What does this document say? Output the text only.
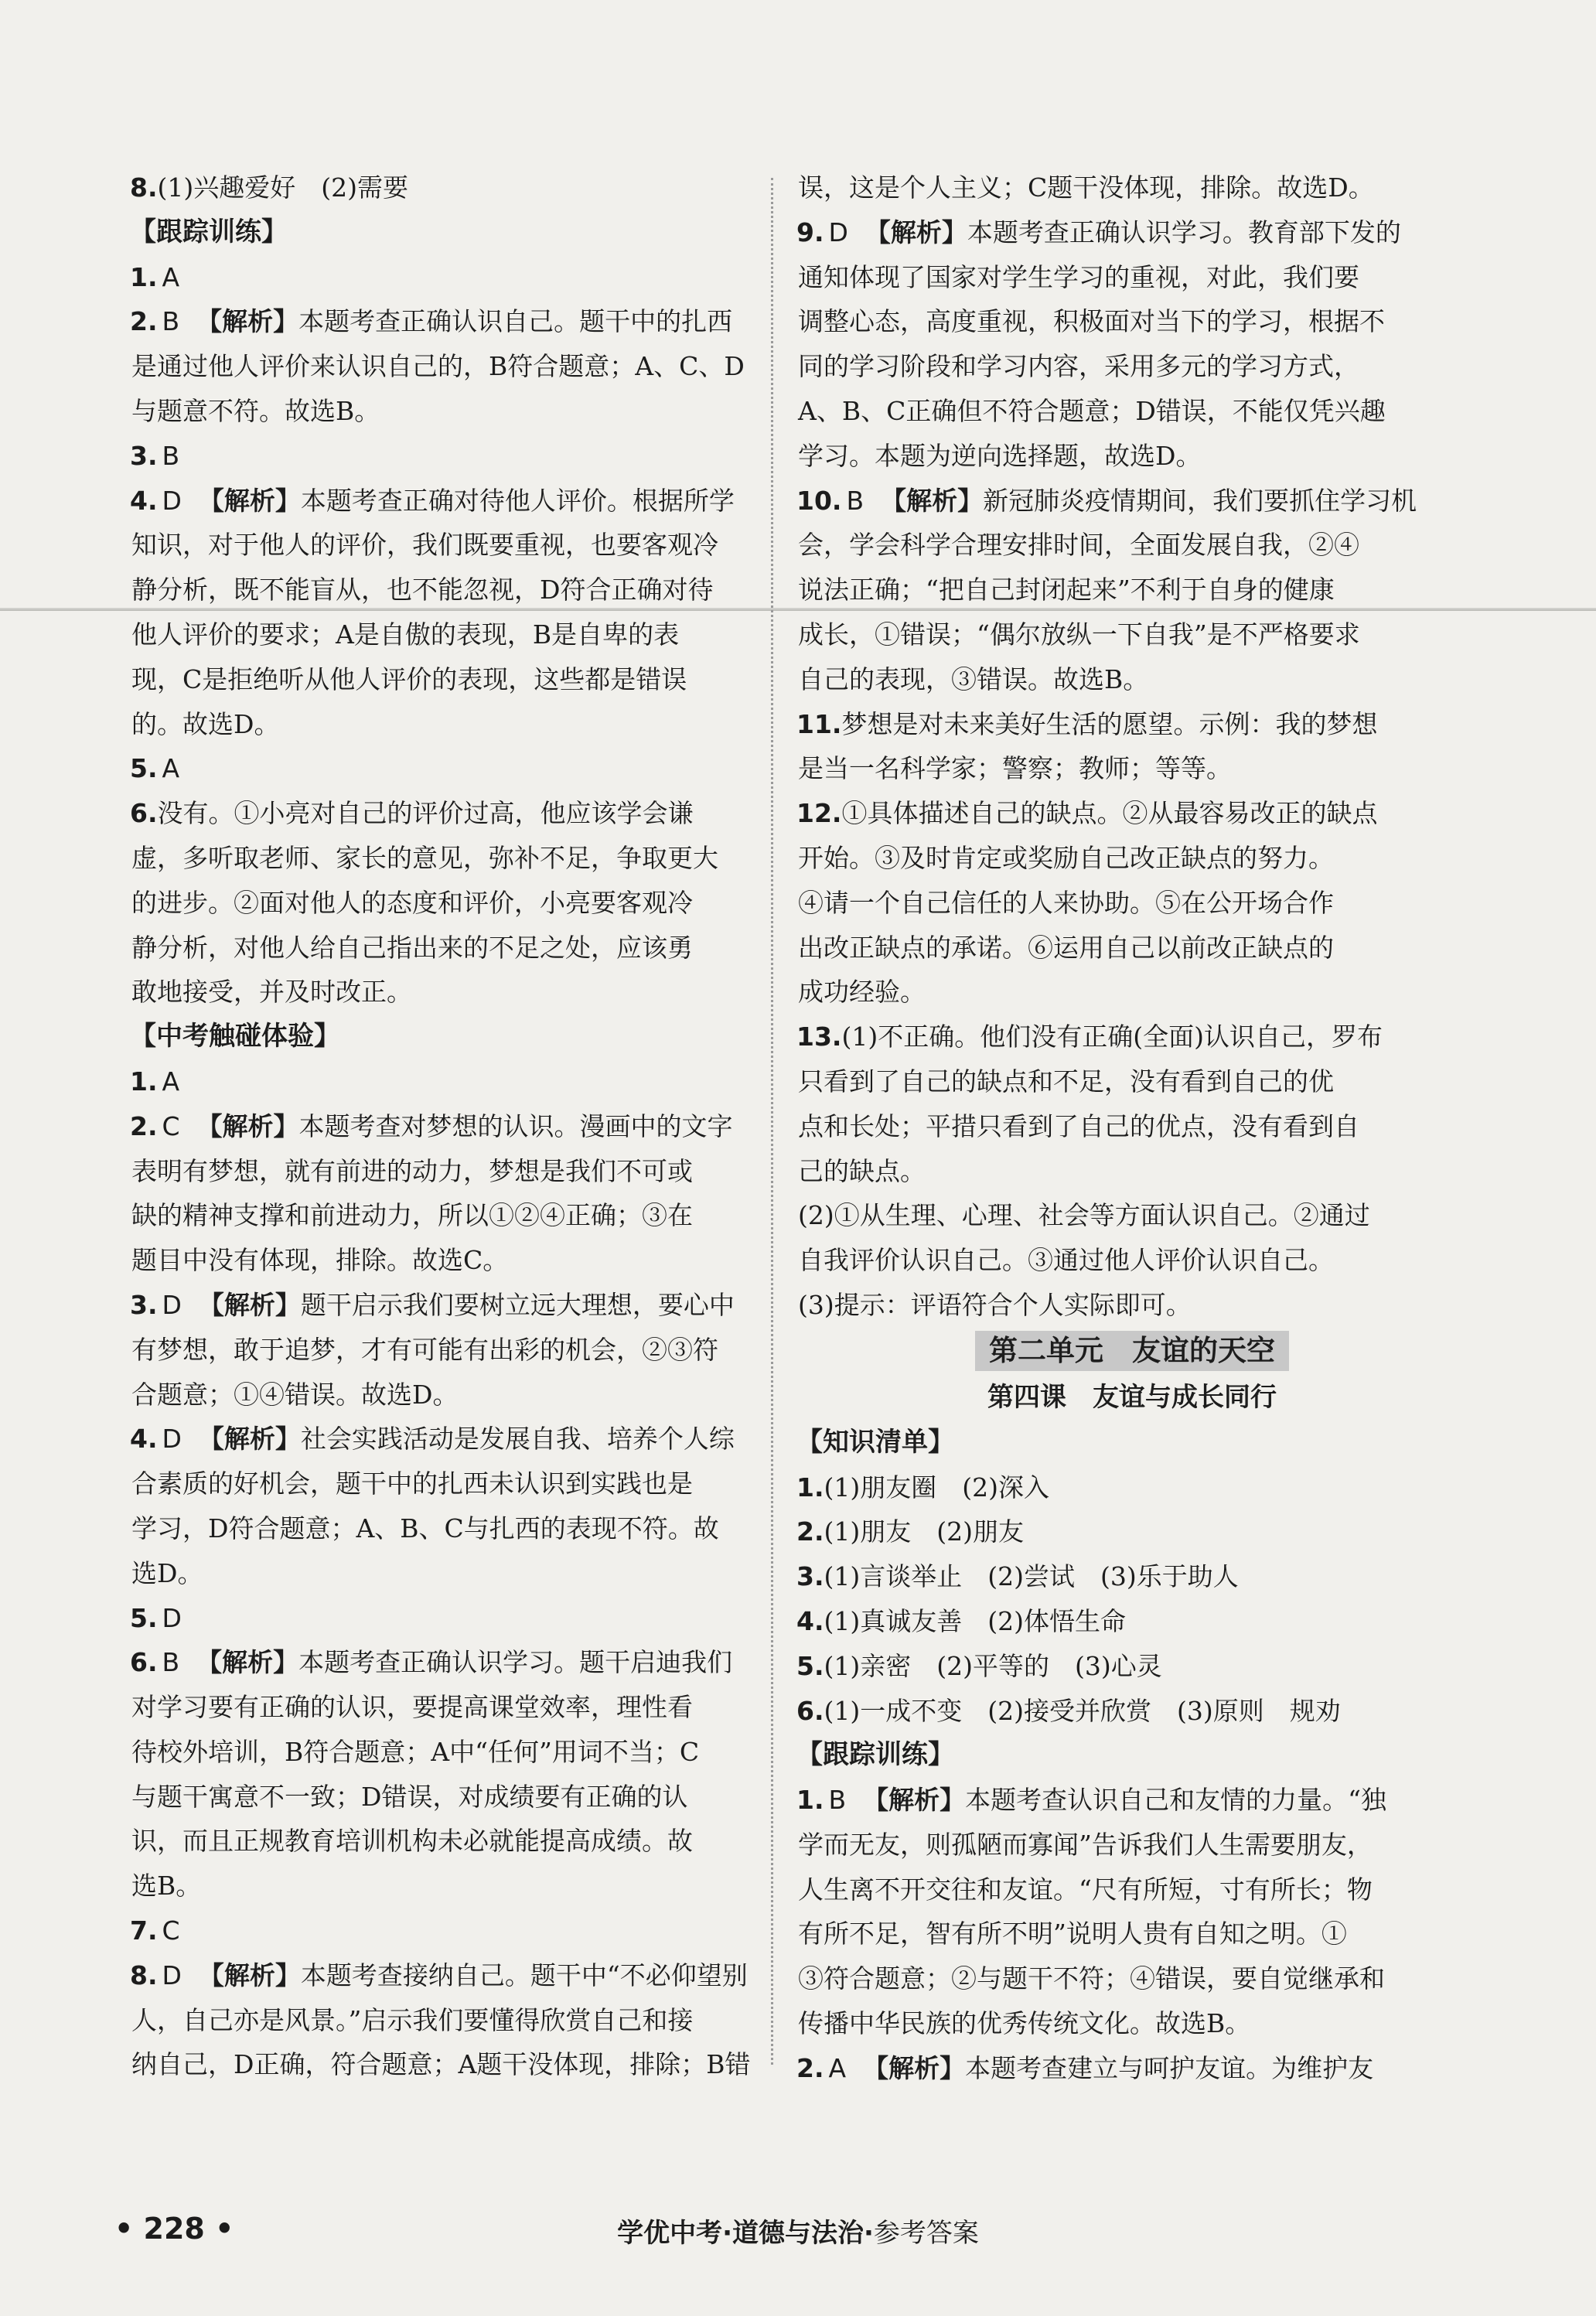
8.(1)兴趣爱好　(2)需要
【跟踪训练】
1. A
2. B 【解析】本题考查正确认识自己。题干中的扎西
是通过他人评价来认识自己的，B符合题意；A、C、D
与题意不符。故选B。
3. B
4. D 【解析】本题考查正确对待他人评价。根据所学
知识，对于他人的评价，我们既要重视，也要客观冷
静分析，既不能盲从，也不能忽视，D符合正确对待
他人评价的要求；A是自傲的表现，B是自卑的表
现，C是拒绝听从他人评价的表现，这些都是错误
的。故选D。
5. A
6.没有。①小亮对自己的评价过高，他应该学会谦
虚，多听取老师、家长的意见，弥补不足，争取更大
的进步。②面对他人的态度和评价，小亮要客观冷
静分析，对他人给自己指出来的不足之处，应该勇
敢地接受，并及时改正。
【中考触碰体验】
1. A
2. C 【解析】本题考查对梦想的认识。漫画中的文字
表明有梦想，就有前进的动力，梦想是我们不可或
缺的精神支撑和前进动力，所以①②④正确；③在
题目中没有体现，排除。故选C。
3. D 【解析】题干启示我们要树立远大理想，要心中
有梦想，敢于追梦，才有可能有出彩的机会，②③符
合题意；①④错误。故选D。
4. D 【解析】社会实践活动是发展自我、培养个人综
合素质的好机会，题干中的扎西未认识到实践也是
学习，D符合题意；A、B、C与扎西的表现不符。故
选D。
5. D
6. B 【解析】本题考查正确认识学习。题干启迪我们
对学习要有正确的认识，要提高课堂效率，理性看
待校外培训，B符合题意；A中“任何”用词不当；C
与题干寓意不一致；D错误，对成绩要有正确的认
识，而且正规教育培训机构未必就能提高成绩。故
选B。
7. C
8. D 【解析】本题考查接纳自己。题干中“不必仰望别
人，自己亦是风景。”启示我们要懂得欣赏自己和接
纳自己，D正确，符合题意；A题干没体现，排除；B错
误，这是个人主义；C题干没体现，排除。故选D。
9. D 【解析】本题考查正确认识学习。教育部下发的
通知体现了国家对学生学习的重视，对此，我们要
调整心态，高度重视，积极面对当下的学习，根据不
同的学习阶段和学习内容，采用多元的学习方式，
A、B、C正确但不符合题意；D错误，不能仅凭兴趣
学习。本题为逆向选择题，故选D。
10. B 【解析】新冠肺炎疫情期间，我们要抓住学习机
会，学会科学合理安排时间，全面发展自我，②④
说法正确；“把自己封闭起来”不利于自身的健康
成长，①错误；“偶尔放纵一下自我”是不严格要求
自己的表现，③错误。故选B。
11.梦想是对未来美好生活的愿望。示例：我的梦想
是当一名科学家；警察；教师；等等。
12.①具体描述自己的缺点。②从最容易改正的缺点
开始。③及时肯定或奖励自己改正缺点的努力。
④请一个自己信任的人来协助。⑤在公开场合作
出改正缺点的承诺。⑥运用自己以前改正缺点的
成功经验。
13.(1)不正确。他们没有正确(全面)认识自己，罗布
只看到了自己的缺点和不足，没有看到自己的优
点和长处；平措只看到了自己的优点，没有看到自
己的缺点。
(2)①从生理、心理、社会等方面认识自己。②通过
自我评价认识自己。③通过他人评价认识自己。
(3)提示：评语符合个人实际即可。
第二单元　友谊的天空
第四课　友谊与成长同行
【知识清单】
1.(1)朋友圈　(2)深入
2.(1)朋友　(2)朋友
3.(1)言谈举止　(2)尝试　(3)乐于助人
4.(1)真诚友善　(2)体悟生命
5.(1)亲密　(2)平等的　(3)心灵
6.(1)一成不变　(2)接受并欣赏　(3)原则　规劝
【跟踪训练】
1. B 【解析】本题考查认识自己和友情的力量。“独
学而无友，则孤陋而寡闻”告诉我们人生需要朋友，
人生离不开交往和友谊。“尺有所短，寸有所长；物
有所不足，智有所不明”说明人贵有自知之明。①
③符合题意；②与题干不符；④错误，要自觉继承和
传播中华民族的优秀传统文化。故选B。
2. A 【解析】本题考查建立与呵护友谊。为维护友
• 228 •	学优中考·道德与法治·参考答案
